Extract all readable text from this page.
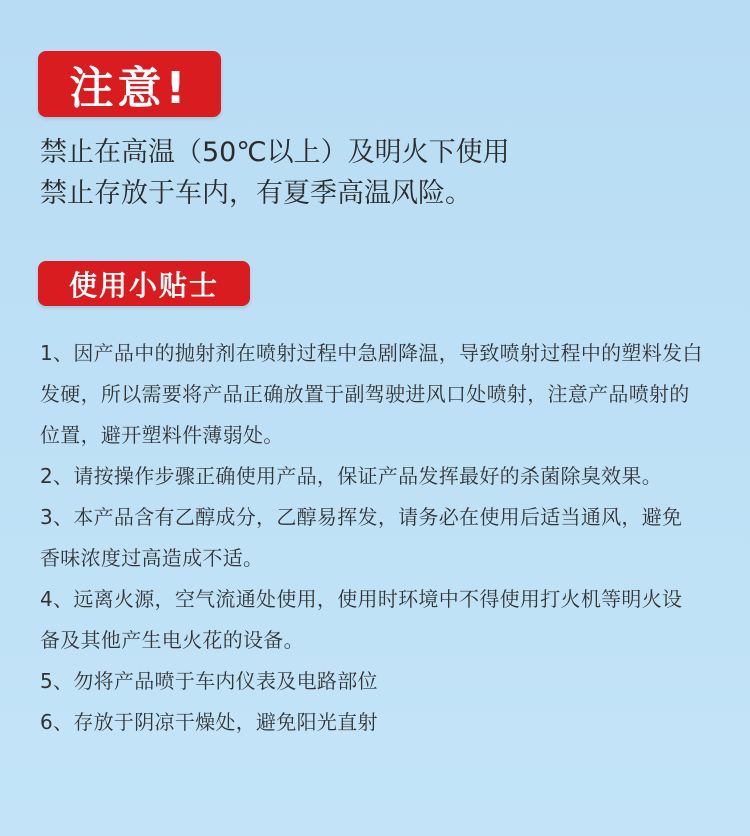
注意!
禁止在高温（50℃以上）及明火下使用
禁止存放于车内，有夏季高温风险。
使用小贴士
1、因产品中的抛射剂在喷射过程中急剧降温，导致喷射过程中的塑料发白
发硬，所以需要将产品正确放置于副驾驶进风口处喷射，注意产品喷射的
位置，避开塑料件薄弱处。
2、请按操作步骤正确使用产品，保证产品发挥最好的杀菌除臭效果。
3、本产品含有乙醇成分，乙醇易挥发，请务必在使用后适当通风，避免
香味浓度过高造成不适。
4、远离火源，空气流通处使用，使用时环境中不得使用打火机等明火设
备及其他产生电火花的设备。
5、勿将产品喷于车内仪表及电路部位
6、存放于阴凉干燥处，避免阳光直射
